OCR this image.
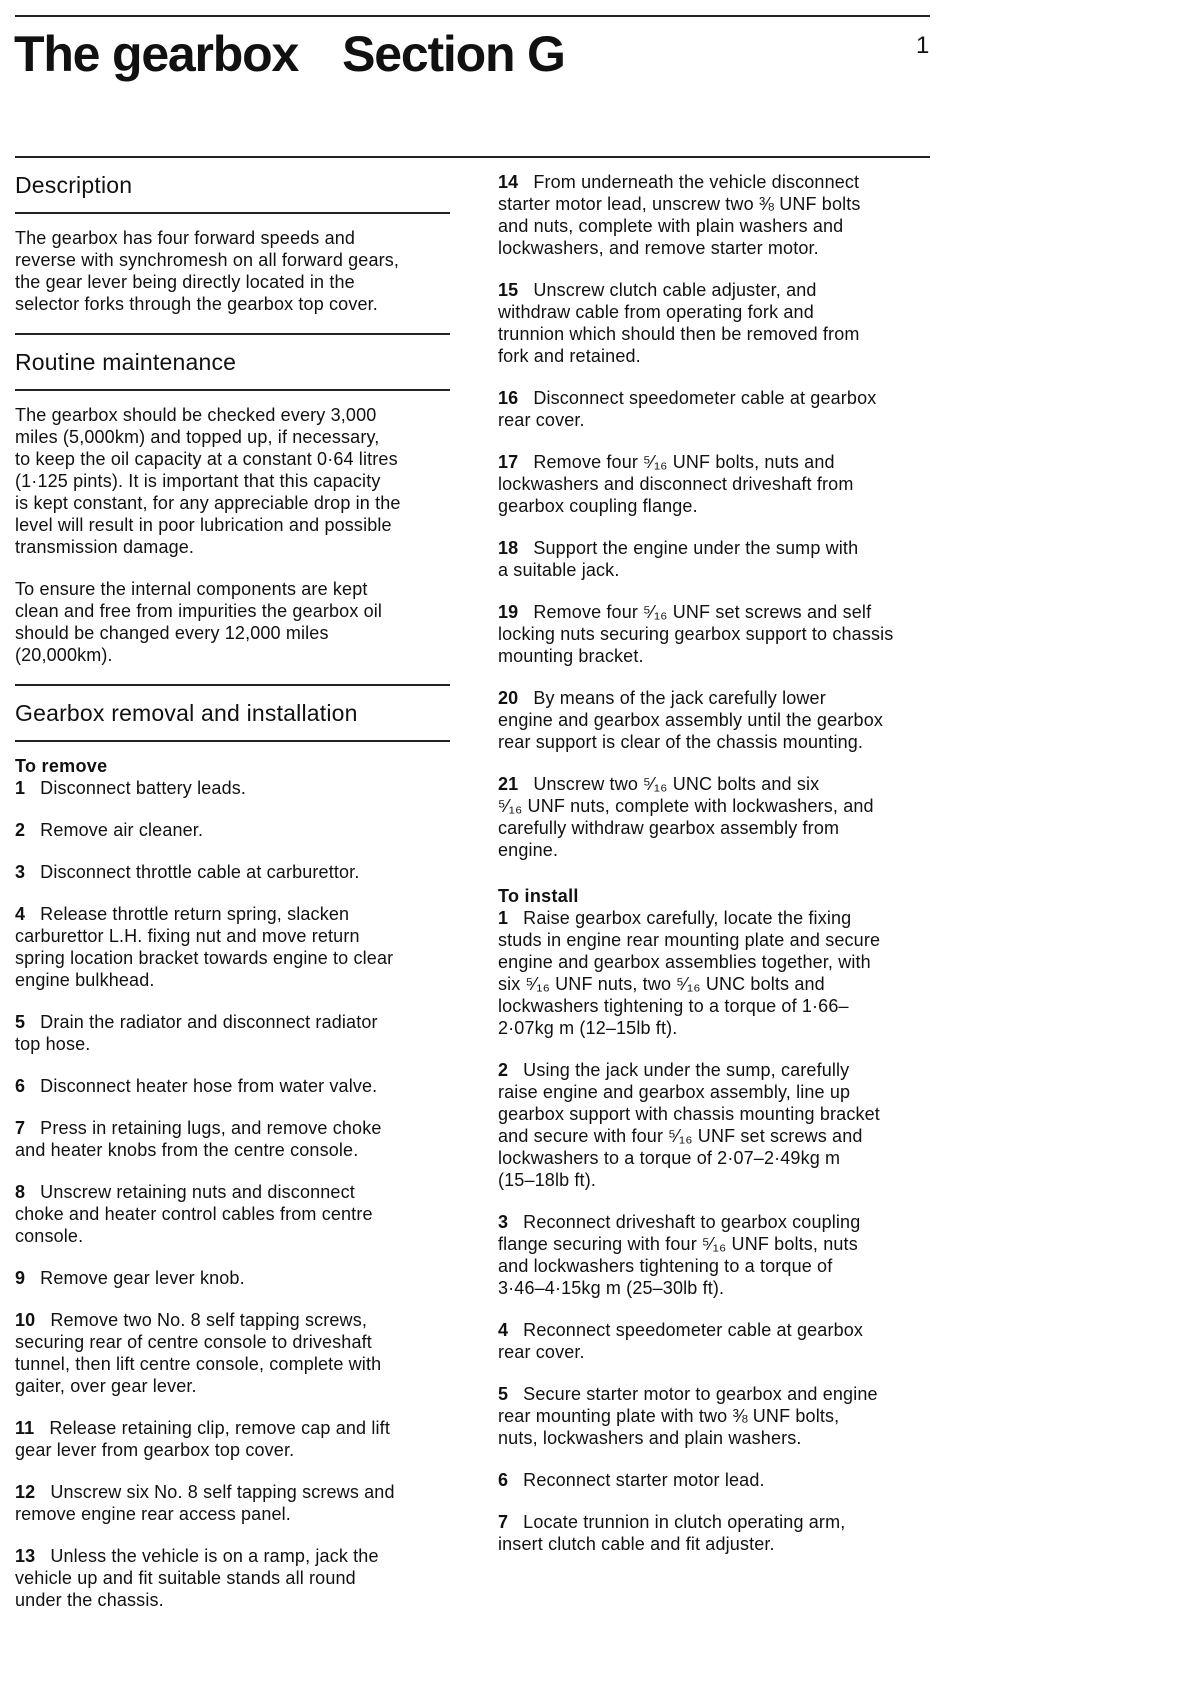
The gearbox Section G	1
Description
The gearbox has four forward speeds and
reverse with synchromesh on all forward gears,
the gear lever being directly located in the
selector forks through the gearbox top cover.
Routine maintenance
The gearbox should be checked every 3,000
miles (5,000km) and topped up, if necessary,
to keep the oil capacity at a constant 0·64 litres
(1·125 pints). It is important that this capacity
is kept constant, for any appreciable drop in the
level will result in poor lubrication and possible
transmission damage.
To ensure the internal components are kept
clean and free from impurities the gearbox oil
should be changed every 12,000 miles
(20,000km).
Gearbox removal and installation
To remove
1 Disconnect battery leads.
2 Remove air cleaner.
3 Disconnect throttle cable at carburettor.
4 Release throttle return spring, slacken
carburettor L.H. fixing nut and move return
spring location bracket towards engine to clear
engine bulkhead.
5 Drain the radiator and disconnect radiator
top hose.
6 Disconnect heater hose from water valve.
7 Press in retaining lugs, and remove choke
and heater knobs from the centre console.
8 Unscrew retaining nuts and disconnect
choke and heater control cables from centre
console.
9 Remove gear lever knob.
10 Remove two No. 8 self tapping screws,
securing rear of centre console to driveshaft
tunnel, then lift centre console, complete with
gaiter, over gear lever.
11 Release retaining clip, remove cap and lift
gear lever from gearbox top cover.
12 Unscrew six No. 8 self tapping screws and
remove engine rear access panel.
13 Unless the vehicle is on a ramp, jack the
vehicle up and fit suitable stands all round
under the chassis.
14 From underneath the vehicle disconnect
starter motor lead, unscrew two ⅜ UNF bolts
and nuts, complete with plain washers and
lockwashers, and remove starter motor.
15 Unscrew clutch cable adjuster, and
withdraw cable from operating fork and
trunnion which should then be removed from
fork and retained.
16 Disconnect speedometer cable at gearbox
rear cover.
17 Remove four ⁵⁄₁₆ UNF bolts, nuts and
lockwashers and disconnect driveshaft from
gearbox coupling flange.
18 Support the engine under the sump with
a suitable jack.
19 Remove four ⁵⁄₁₆ UNF set screws and self
locking nuts securing gearbox support to chassis
mounting bracket.
20 By means of the jack carefully lower
engine and gearbox assembly until the gearbox
rear support is clear of the chassis mounting.
21 Unscrew two ⁵⁄₁₆ UNC bolts and six
⁵⁄₁₆ UNF nuts, complete with lockwashers, and
carefully withdraw gearbox assembly from
engine.
To install
1 Raise gearbox carefully, locate the fixing
studs in engine rear mounting plate and secure
engine and gearbox assemblies together, with
six ⁵⁄₁₆ UNF nuts, two ⁵⁄₁₆ UNC bolts and
lockwashers tightening to a torque of 1·66–
2·07kg m (12–15lb ft).
2 Using the jack under the sump, carefully
raise engine and gearbox assembly, line up
gearbox support with chassis mounting bracket
and secure with four ⁵⁄₁₆ UNF set screws and
lockwashers to a torque of 2·07–2·49kg m
(15–18lb ft).
3 Reconnect driveshaft to gearbox coupling
flange securing with four ⁵⁄₁₆ UNF bolts, nuts
and lockwashers tightening to a torque of
3·46–4·15kg m (25–30lb ft).
4 Reconnect speedometer cable at gearbox
rear cover.
5 Secure starter motor to gearbox and engine
rear mounting plate with two ⅜ UNF bolts,
nuts, lockwashers and plain washers.
6 Reconnect starter motor lead.
7 Locate trunnion in clutch operating arm,
insert clutch cable and fit adjuster.
